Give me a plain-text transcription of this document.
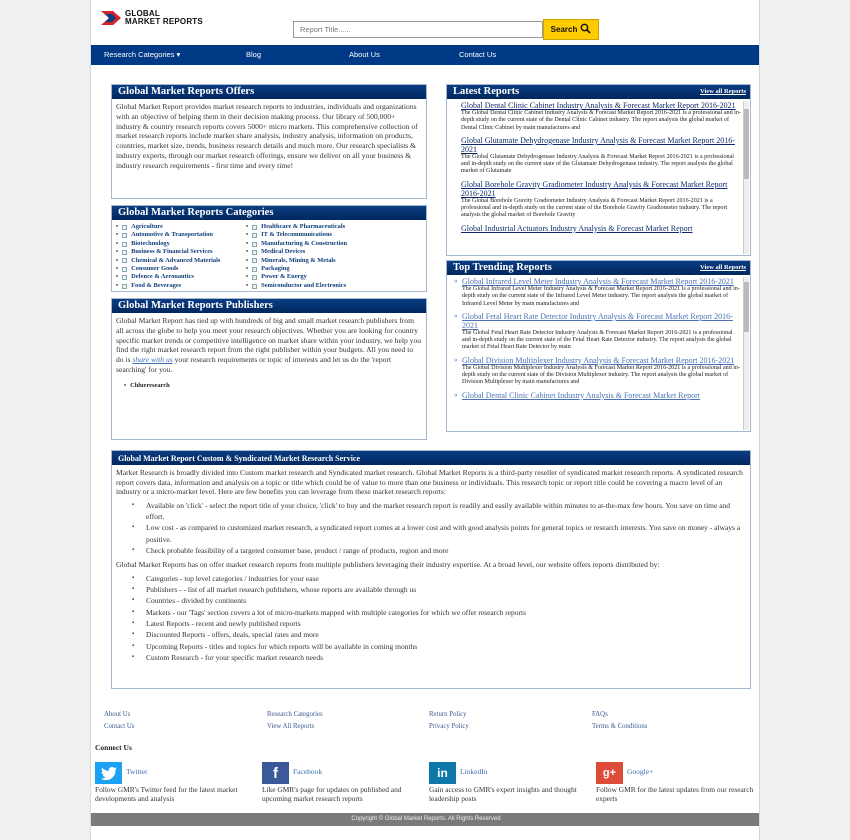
GLOBAL
MARKET REPORTS
Report Title......	Search
Research Categories ▾	Blog	About Us	Contact Us
Global Market Reports Offers
Global Market Report provides market research reports to industries, individuals and organizations with an objective of helping them in their decision making process. Our library of 500,000+ industry & country research reports covers 5000+ micro markets. This comprehensive collection of market research reports include market share analysis, industry analysis, information on products, countries, market size, trends, business research details and much more. Our research specialists & industry experts, through our market research offerings, ensure we deliver on all your business & industry research requirements - first time and every time!
Global Market Reports Categories
• Agriculture
• Automotive & Transportation
• Biotechnology
• Business & Financial Services
• Chemical & Advanced Materials
• Consumer Goods
• Defence & Aeronautics
• Food & Beverages
• Healthcare & Pharmaceuticals
• IT & Telecommunications
• Manufacturing & Construction
• Medical Devices
• Minerals, Mining & Metals
• Packaging
• Power & Energy
• Semiconductor and Electronics
Global Market Reports Publishers
Global Market Report has tied up with hundreds of big and small market research publishers from all across the globe to help you meet your research objectives. Whether you are looking for country specific market trends or competitive intelligence on market share within your industry, we help you find the right market research report from the right publisher within your budgets. All you need to do is share with us your research requirements or topic of interests and let us do the 'report searching' for you.
• Chlueresearch
Latest Reports	View all Reports
Global Dental Clinic Cabinet Industry Analysis & Forecast Market Report 2016-2021
The Global Dental Clinic Cabinet Industry Analysis & Forecast Market Report 2016-2021 is a professional and in-depth study on the current state of the Dental Clinic Cabinet industry. The report analysis the global market of Dental Clinic Cabinet by main manufactures and
Global Glutamate Dehydrogenase Industry Analysis & Forecast Market Report 2016-2021
The Global Glutamate Dehydrogenase Industry Analysis & Forecast Market Report 2016-2021 is a professional and in-depth study on the current state of the Glutamate Dehydrogenase industry. The report analysis the global market of Glutamate
Global Borehole Gravity Gradiometer Industry Analysis & Forecast Market Report 2016-2021
The Global Borehole Gravity Gradiometer Industry Analysis & Forecast Market Report 2016-2021 is a professional and in-depth study on the current state of the Borehole Gravity Gradiometer industry. The report analysis the global market of Borehole Gravity
Global Industrial Actuators Industry Analysis & Forecast Market Report
Top Trending Reports	View all Reports
» Global Infrared Level Meter Industry Analysis & Forecast Market Report 2016-2021
The Global Infrared Level Meter Industry Analysis & Forecast Market Report 2016-2021 is a professional and in-depth study on the current state of the Infrared Level Meter industry. The report analysis the global market of Infrared Level Meter by main manufactures and
» Global Fetal Heart Rate Detector Industry Analysis & Forecast Market Report 2016-2021
The Global Fetal Heart Rate Detector Industry Analysis & Forecast Market Report 2016-2021 is a professional and in-depth study on the current state of the Fetal Heart Rate Detector industry. The report analysis the global market of Fetal Heart Rate Detector by main
» Global Division Multiplexer Industry Analysis & Forecast Market Report 2016-2021
The Global Division Multiplexer Industry Analysis & Forecast Market Report 2016-2021 is a professional and in-depth study on the current state of the Division Multiplexer industry. The report analysis the global market of Division Multiplexer by main manufactures and
» Global Dental Clinic Cabinet Industry Analysis & Forecast Market Report
Global Market Report Custom & Syndicated Market Research Service

Market Research is broadly divided into Custom market research and Syndicated market research. Global Market Reports is a third-party reseller of syndicated market research reports. A syndicated research report covers data, information and analysis on a topic or title which could be of value to more than one business or individuals. This research topic or report title could be covering a macro level of an industry or a micro-market level. Here are few benefits you can leverage from these market research reports:

▪ Available on 'click' - select the report title of your choice, 'click' to buy and the market research report is readily and easily available within minutes to at-the-max few hours. You save on time and effort.
▪ Low cost - as compared to customized market research, a syndicated report comes at a lower cost and with good analysis points for general topics or research interests. You save on money - always a positive.
▪ Check probable feasibility of a targeted consumer base, product / range of products, region and more

Global Market Reports has on offer market research reports from multiple publishers leveraging their industry expertise. At a broad level, our website offers reports distributed by:

▪ Categories - top level categories / industries for your ease
▪ Publishers - - list of all market research publishers, whose reports are available through us
▪ Countries - divided by continents
▪ Markets - our 'Tags' section covers a lot of micro-markets mapped with multiple categories for which we offer research reports
▪ Latest Reports - recent and newly published reports
▪ Discounted Reports - offers, deals, special rates and more
▪ Upcoming Reports - titles and topics for which reports will be available in coming months
▪ Custom Research - for your specific market research needs
About Us
Contact Us
Research Categories
View All Reports
Return Policy
Privacy Policy
FAQs
Terms & Conditions
Connect Us
Twitter
Follow GMR's Twitter feed for the latest market developments and analysis
f	Facebook
Like GMR's page for updates on published and upcoming market research reports
in	LinkedIn
Gain access to GMR's expert insights and thought leadership posts
g+	Google+
Follow GMR for the latest updates from our research experts
Copyright © Global Market Reports. All Rights Reserved
